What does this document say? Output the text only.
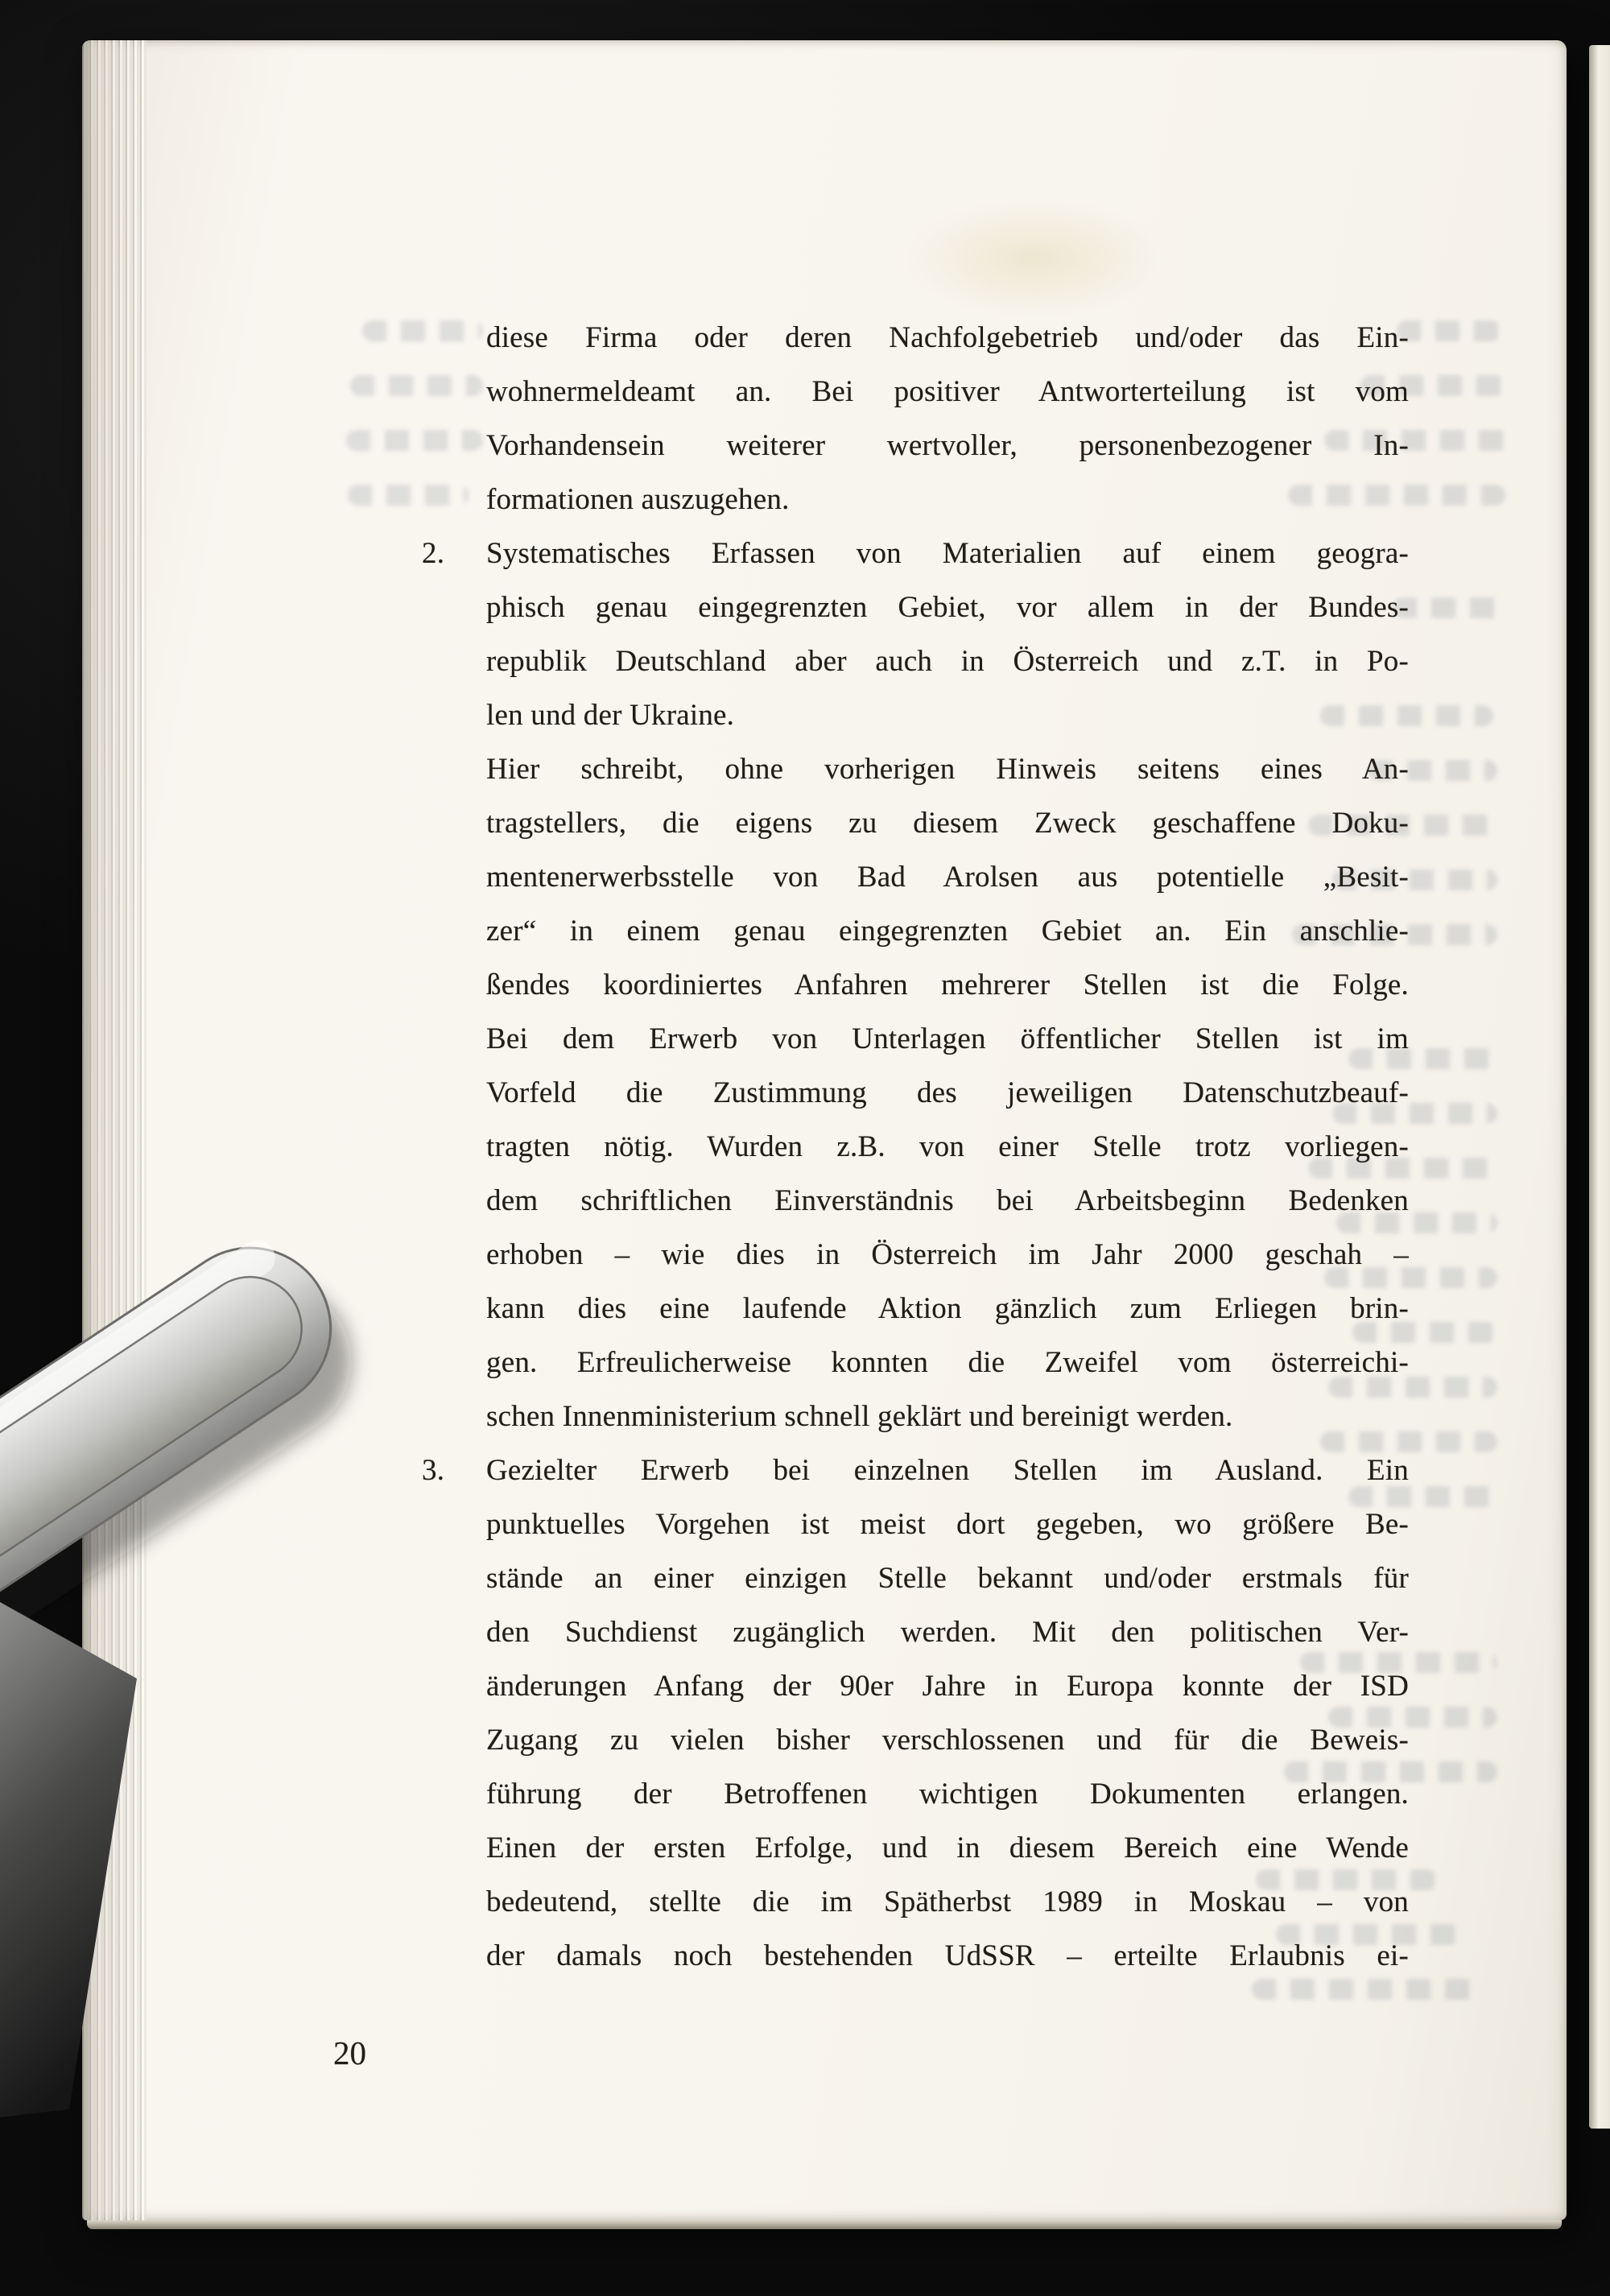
diese Firma oder deren Nachfolgebetrieb und/oder das Ein-
wohnermeldeamt an. Bei positiver Antworterteilung ist vom
Vorhandensein weiterer wertvoller, personenbezogener In-
formationen auszugehen.
2. Systematisches Erfassen von Materialien auf einem geogra-
phisch genau eingegrenzten Gebiet, vor allem in der Bundes-
republik Deutschland aber auch in Österreich und z.T. in Po-
len und der Ukraine.
Hier schreibt, ohne vorherigen Hinweis seitens eines An-
tragstellers, die eigens zu diesem Zweck geschaffene Doku-
mentenerwerbsstelle von Bad Arolsen aus potentielle „Besit-
zer“ in einem genau eingegrenzten Gebiet an. Ein anschlie-
ßendes koordiniertes Anfahren mehrerer Stellen ist die Folge.
Bei dem Erwerb von Unterlagen öffentlicher Stellen ist im
Vorfeld die Zustimmung des jeweiligen Datenschutzbeauf-
tragten nötig. Wurden z.B. von einer Stelle trotz vorliegen-
dem schriftlichen Einverständnis bei Arbeitsbeginn Bedenken
erhoben – wie dies in Österreich im Jahr 2000 geschah –
kann dies eine laufende Aktion gänzlich zum Erliegen brin-
gen. Erfreulicherweise konnten die Zweifel vom österreichi-
schen Innenministerium schnell geklärt und bereinigt werden.
3. Gezielter Erwerb bei einzelnen Stellen im Ausland. Ein
punktuelles Vorgehen ist meist dort gegeben, wo größere Be-
stände an einer einzigen Stelle bekannt und/oder erstmals für
den Suchdienst zugänglich werden. Mit den politischen Ver-
änderungen Anfang der 90er Jahre in Europa konnte der ISD
Zugang zu vielen bisher verschlossenen und für die Beweis-
führung der Betroffenen wichtigen Dokumenten erlangen.
Einen der ersten Erfolge, und in diesem Bereich eine Wende
bedeutend, stellte die im Spätherbst 1989 in Moskau – von
der damals noch bestehenden UdSSR – erteilte Erlaubnis ei-
20
